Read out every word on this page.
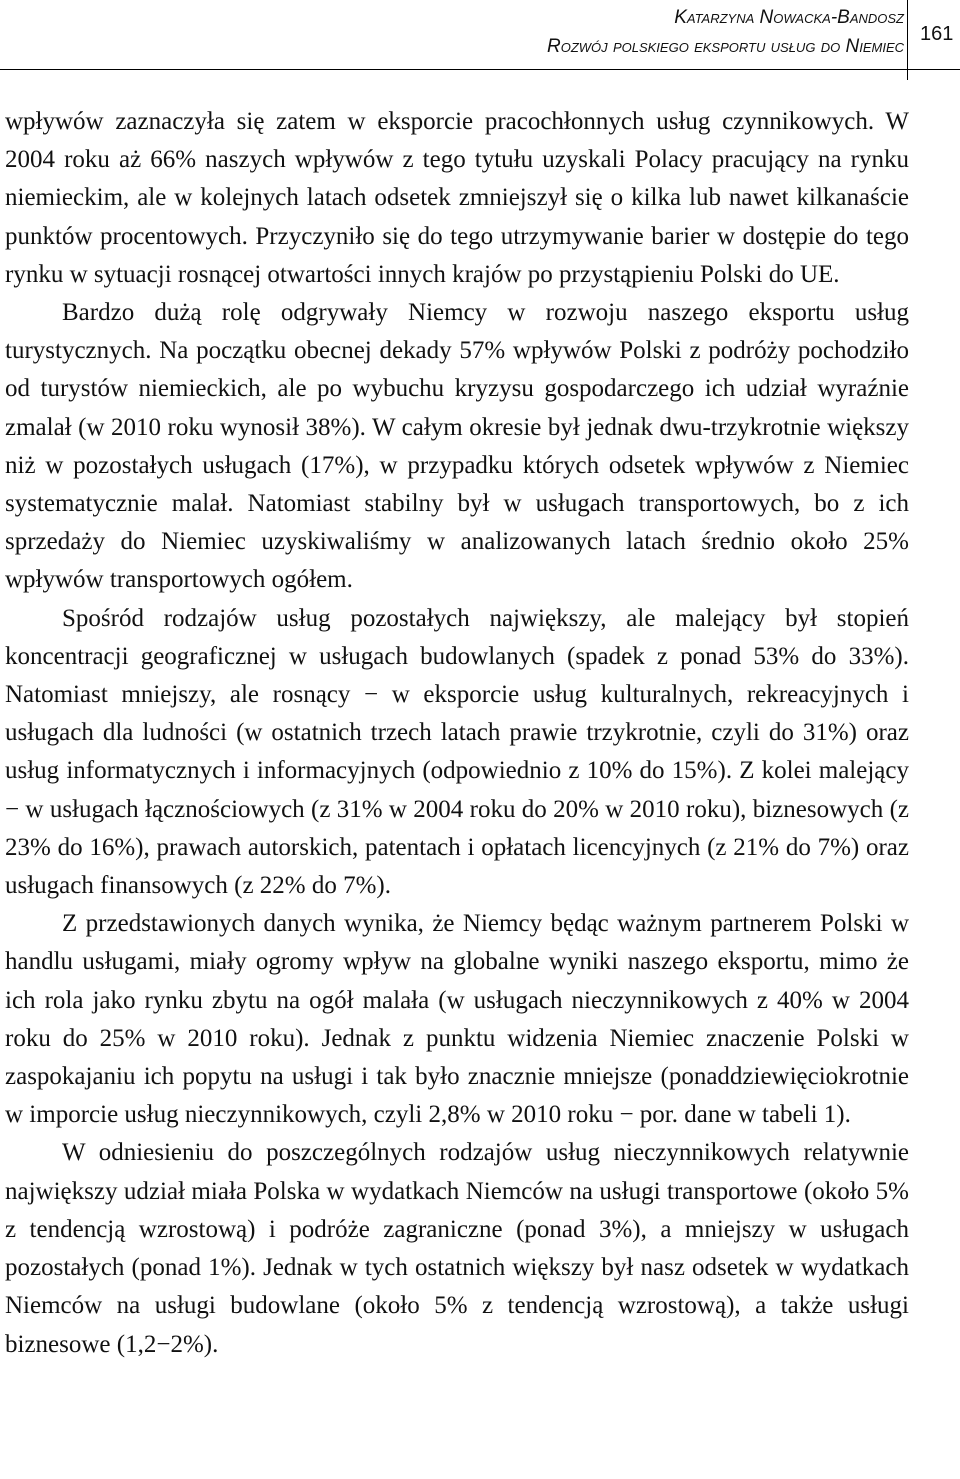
Katarzyna Nowacka-Bandosz
Rozwój polskiego eksportu usług do Niemiec
161

wpływów zaznaczyła się zatem w eksporcie pracochłonnych usług czynnikowych. W 2004 roku aż 66% naszych wpływów z tego tytułu uzyskali Polacy pracujący na rynku niemieckim, ale w kolejnych latach odsetek zmniejszył się o kilka lub nawet kilkanaście punktów procentowych. Przyczyniło się do tego utrzymywanie barier w dostępie do tego rynku w sytuacji rosnącej otwartości innych krajów po przystąpieniu Polski do UE.

Bardzo dużą rolę odgrywały Niemcy w rozwoju naszego eksportu usług turystycznych. Na początku obecnej dekady 57% wpływów Polski z podróży pochodziło od turystów niemieckich, ale po wybuchu kryzysu gospodarczego ich udział wyraźnie zmalał (w 2010 roku wynosił 38%). W całym okresie był jednak dwu-trzykrotnie większy niż w pozostałych usługach (17%), w przypadku których odsetek wpływów z Niemiec systematycznie malał. Natomiast stabilny był w usługach transportowych, bo z ich sprzedaży do Niemiec uzyskiwaliśmy w analizowanych latach średnio około 25% wpływów transportowych ogółem.

Spośród rodzajów usług pozostałych największy, ale malejący był stopień koncentracji geograficznej w usługach budowlanych (spadek z ponad 53% do 33%). Natomiast mniejszy, ale rosnący − w eksporcie usług kulturalnych, rekreacyjnych i usługach dla ludności (w ostatnich trzech latach prawie trzykrotnie, czyli do 31%) oraz usług informatycznych i informacyjnych (odpowiednio z 10% do 15%). Z kolei malejący − w usługach łącznościowych (z 31% w 2004 roku do 20% w 2010 roku), biznesowych (z 23% do 16%), prawach autorskich, patentach i opłatach licencyjnych (z 21% do 7%) oraz usługach finansowych (z 22% do 7%).

Z przedstawionych danych wynika, że Niemcy będąc ważnym partnerem Polski w handlu usługami, miały ogromy wpływ na globalne wyniki naszego eksportu, mimo że ich rola jako rynku zbytu na ogół malała (w usługach nieczynnikowych z 40% w 2004 roku do 25% w 2010 roku). Jednak z punktu widzenia Niemiec znaczenie Polski w zaspokajaniu ich popytu na usługi i tak było znacznie mniejsze (ponaddziewięciokrotnie w imporcie usług nieczynnikowych, czyli 2,8% w 2010 roku − por. dane w tabeli 1).

W odniesieniu do poszczególnych rodzajów usług nieczynnikowych relatywnie największy udział miała Polska w wydatkach Niemców na usługi transportowe (około 5% z tendencją wzrostową) i podróże zagraniczne (ponad 3%), a mniejszy w usługach pozostałych (ponad 1%). Jednak w tych ostatnich większy był nasz odsetek w wydatkach Niemców na usługi budowlane (około 5% z tendencją wzrostową), a także usługi biznesowe (1,2−2%).
